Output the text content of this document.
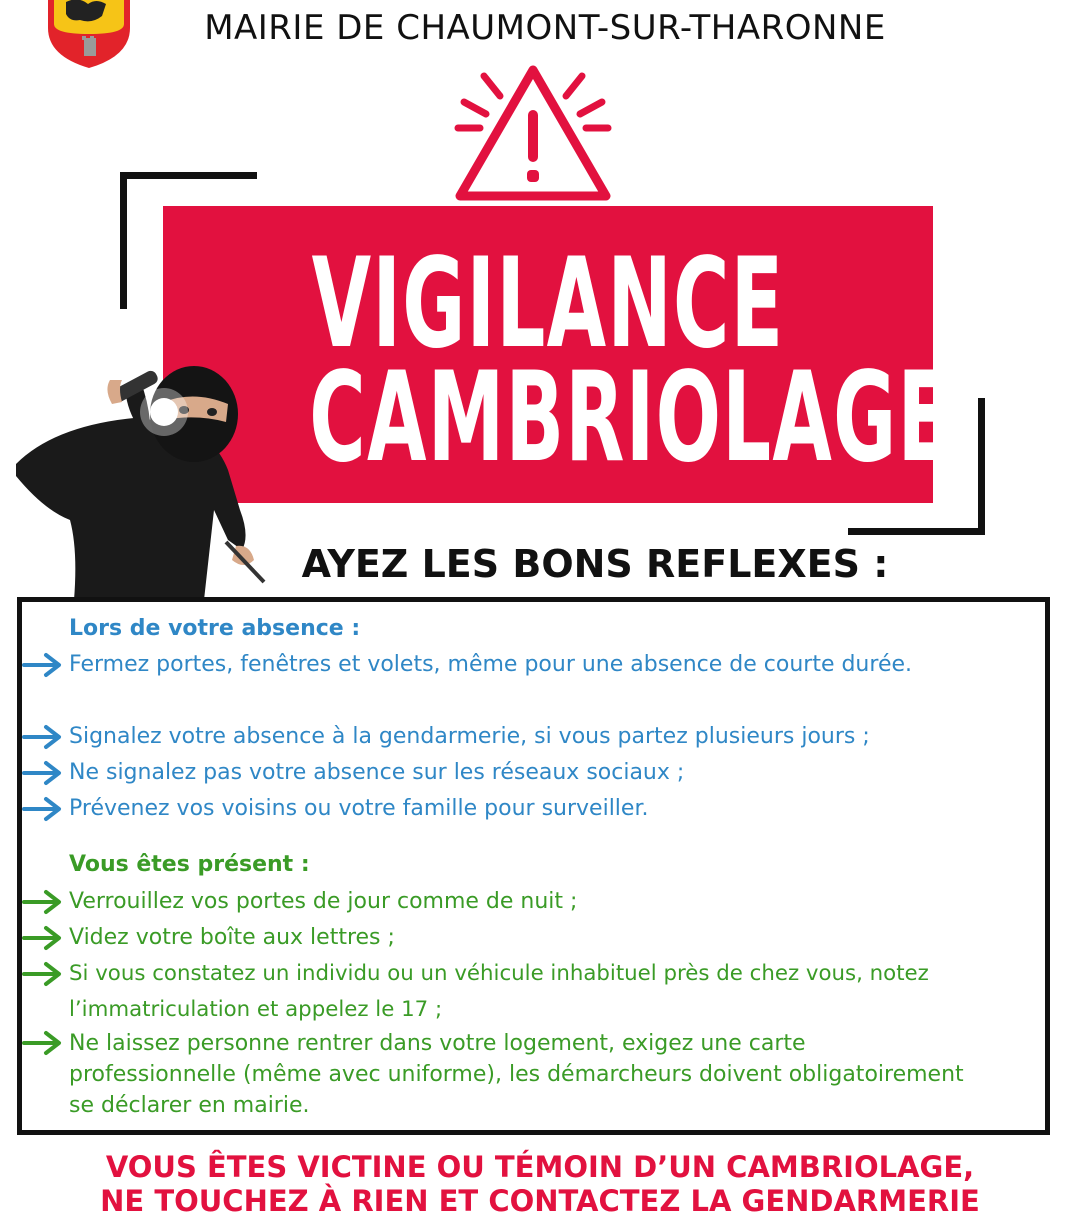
MAIRIE DE CHAUMONT-SUR-THARONNE
VIGILANCE
CAMBRIOLAGE
AYEZ LES BONS REFLEXES :
Lors de votre absence :
Fermez portes, fenêtres et volets, même pour une absence de courte durée.
Signalez votre absence à la gendarmerie, si vous partez plusieurs jours ;
Ne signalez pas votre absence sur les réseaux sociaux ;
Prévenez vos voisins ou votre famille pour surveiller.
Vous êtes présent :
Verrouillez vos portes de jour comme de nuit ;
Videz votre boîte aux lettres ;
Si vous constatez un individu ou un véhicule inhabituel près de chez vous, notez l’immatriculation et appelez le 17 ;
Ne laissez personne rentrer dans votre logement, exigez une carte professionnelle (même avec uniforme), les démarcheurs doivent obligatoirement se déclarer en mairie.
VOUS ÊTES VICTINE OU TÉMOIN D’UN CAMBRIOLAGE,
NE TOUCHEZ À RIEN ET CONTACTEZ LA GENDARMERIE
